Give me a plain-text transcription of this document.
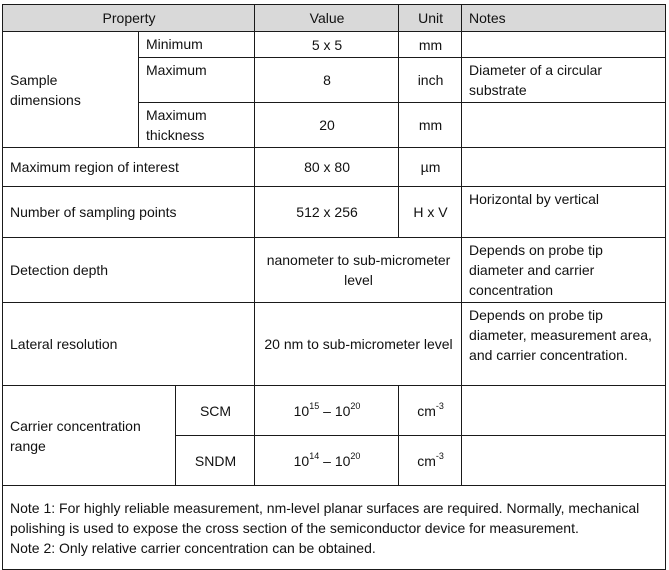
Property			Value	Unit	Notes
Sample dimensions	Minimum		5 x 5	mm	
	Maximum		8	inch	Diameter of a circular substrate
	Maximum thickness		20	mm	
Maximum region of interest			80 x 80	µm	
Number of sampling points			512 x 256	H x V	Horizontal by vertical
Detection depth			nanometer to sub-micrometer level		Depends on probe tip diameter and carrier concentration
Lateral resolution			20 nm to sub-micrometer level		Depends on probe tip diameter, measurement area, and carrier concentration.
Carrier concentration range		SCM	$10^{15} - 10^{20}$	$cm^{-3}$	
		SNDM	$10^{14} - 10^{20}$	$cm^{-3}$	

Note 1: For highly reliable measurement, nm-level planar surfaces are required. Normally, mechanical polishing is used to expose the cross section of the semiconductor device for measurement.
Note 2: Only relative carrier concentration can be obtained.					
